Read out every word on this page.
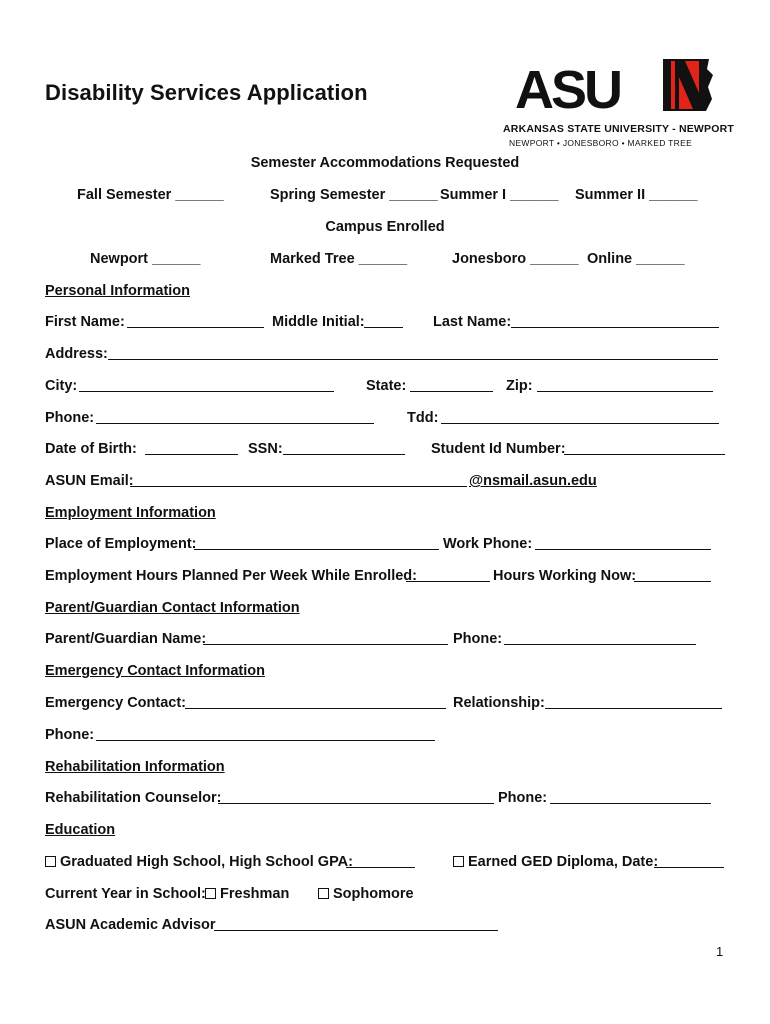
Disability Services Application	ASU
ARKANSAS STATE UNIVERSITY - NEWPORT
NEWPORT • JONESBORO • MARKED TREE
Semester Accommodations Requested
Fall Semester ______	Spring Semester ______ Summer I ______ Summer II ______
Campus Enrolled
Newport ______	Marked Tree ______	Jonesboro ______ Online ______
Personal Information
First Name:	Middle Initial:	Last Name:
Address:
City:	State:	Zip:
Phone:	Tdd:
Date of Birth:	SSN:	Student Id Number:
ASUN Email:	@nsmail.asun.edu
Employment Information
Place of Employment:	Work Phone:
Employment Hours Planned Per Week While Enrolled:	Hours Working Now:
Parent/Guardian Contact Information
Parent/Guardian Name:	Phone:
Emergency Contact Information
Emergency Contact:	Relationship:
Phone:
Rehabilitation Information
Rehabilitation Counselor:	Phone:
Education
Graduated High School, High School GPA:	Earned GED Diploma, Date:
Current Year in School: Freshman	Sophomore
ASUN Academic Advisor
1
